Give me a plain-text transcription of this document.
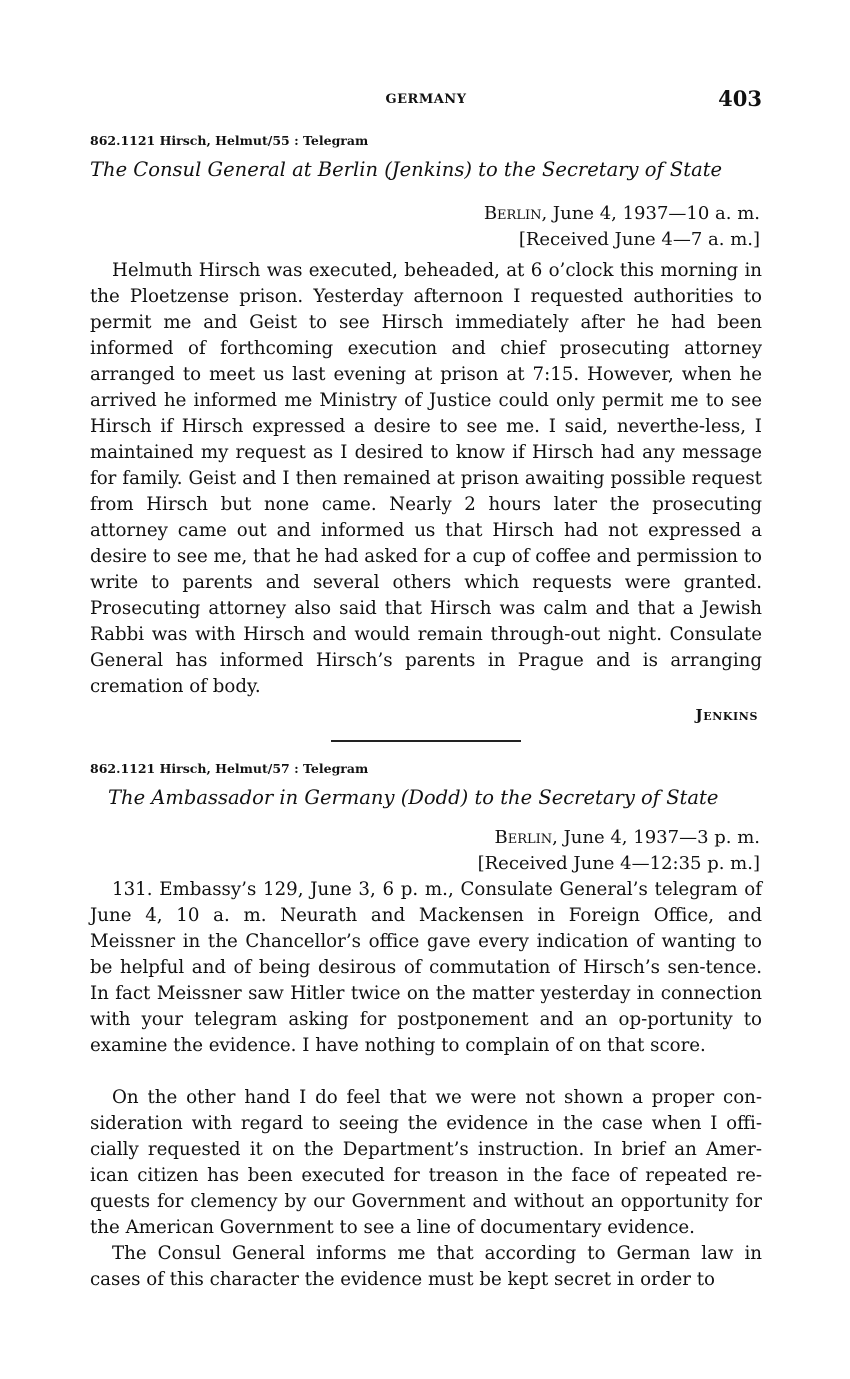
GERMANY	403
862.1121 Hirsch, Helmut/55 : Telegram
The Consul General at Berlin (Jenkins) to the Secretary of State
Berlin, June 4, 1937—10 a. m.
[Received June 4—7 a. m.]

Helmuth Hirsch was executed, beheaded, at 6 o’clock this morning in the Ploetzense prison. Yesterday afternoon I requested authorities to permit me and Geist to see Hirsch immediately after he had been informed of forthcoming execution and chief prosecuting attorney arranged to meet us last evening at prison at 7:15. However, when he arrived he informed me Ministry of Justice could only permit me to see Hirsch if Hirsch expressed a desire to see me. I said, neverthe-less, I maintained my request as I desired to know if Hirsch had any message for family. Geist and I then remained at prison awaiting possible request from Hirsch but none came. Nearly 2 hours later the prosecuting attorney came out and informed us that Hirsch had not expressed a desire to see me, that he had asked for a cup of coffee and permission to write to parents and several others which requests were granted. Prosecuting attorney also said that Hirsch was calm and that a Jewish Rabbi was with Hirsch and would remain through-out night. Consulate General has informed Hirsch’s parents in Prague and is arranging cremation of body.

Jenkins
862.1121 Hirsch, Helmut/57 : Telegram
The Ambassador in Germany (Dodd) to the Secretary of State
Berlin, June 4, 1937—3 p. m.
[Received June 4—12:35 p. m.]

131. Embassy’s 129, June 3, 6 p. m., Consulate General’s telegram of June 4, 10 a. m. Neurath and Mackensen in Foreign Office, and Meissner in the Chancellor’s office gave every indication of wanting to be helpful and of being desirous of commutation of Hirsch’s sen-tence. In fact Meissner saw Hitler twice on the matter yesterday in connection with your telegram asking for postponement and an op-portunity to examine the evidence. I have nothing to complain of on that score.

On the other hand I do feel that we were not shown a proper con-sideration with regard to seeing the evidence in the case when I offi-cially requested it on the Department’s instruction. In brief an Amer-ican citizen has been executed for treason in the face of repeated re-quests for clemency by our Government and without an opportunity for the American Government to see a line of documentary evidence.

The Consul General informs me that according to German law in cases of this character the evidence must be kept secret in order to
